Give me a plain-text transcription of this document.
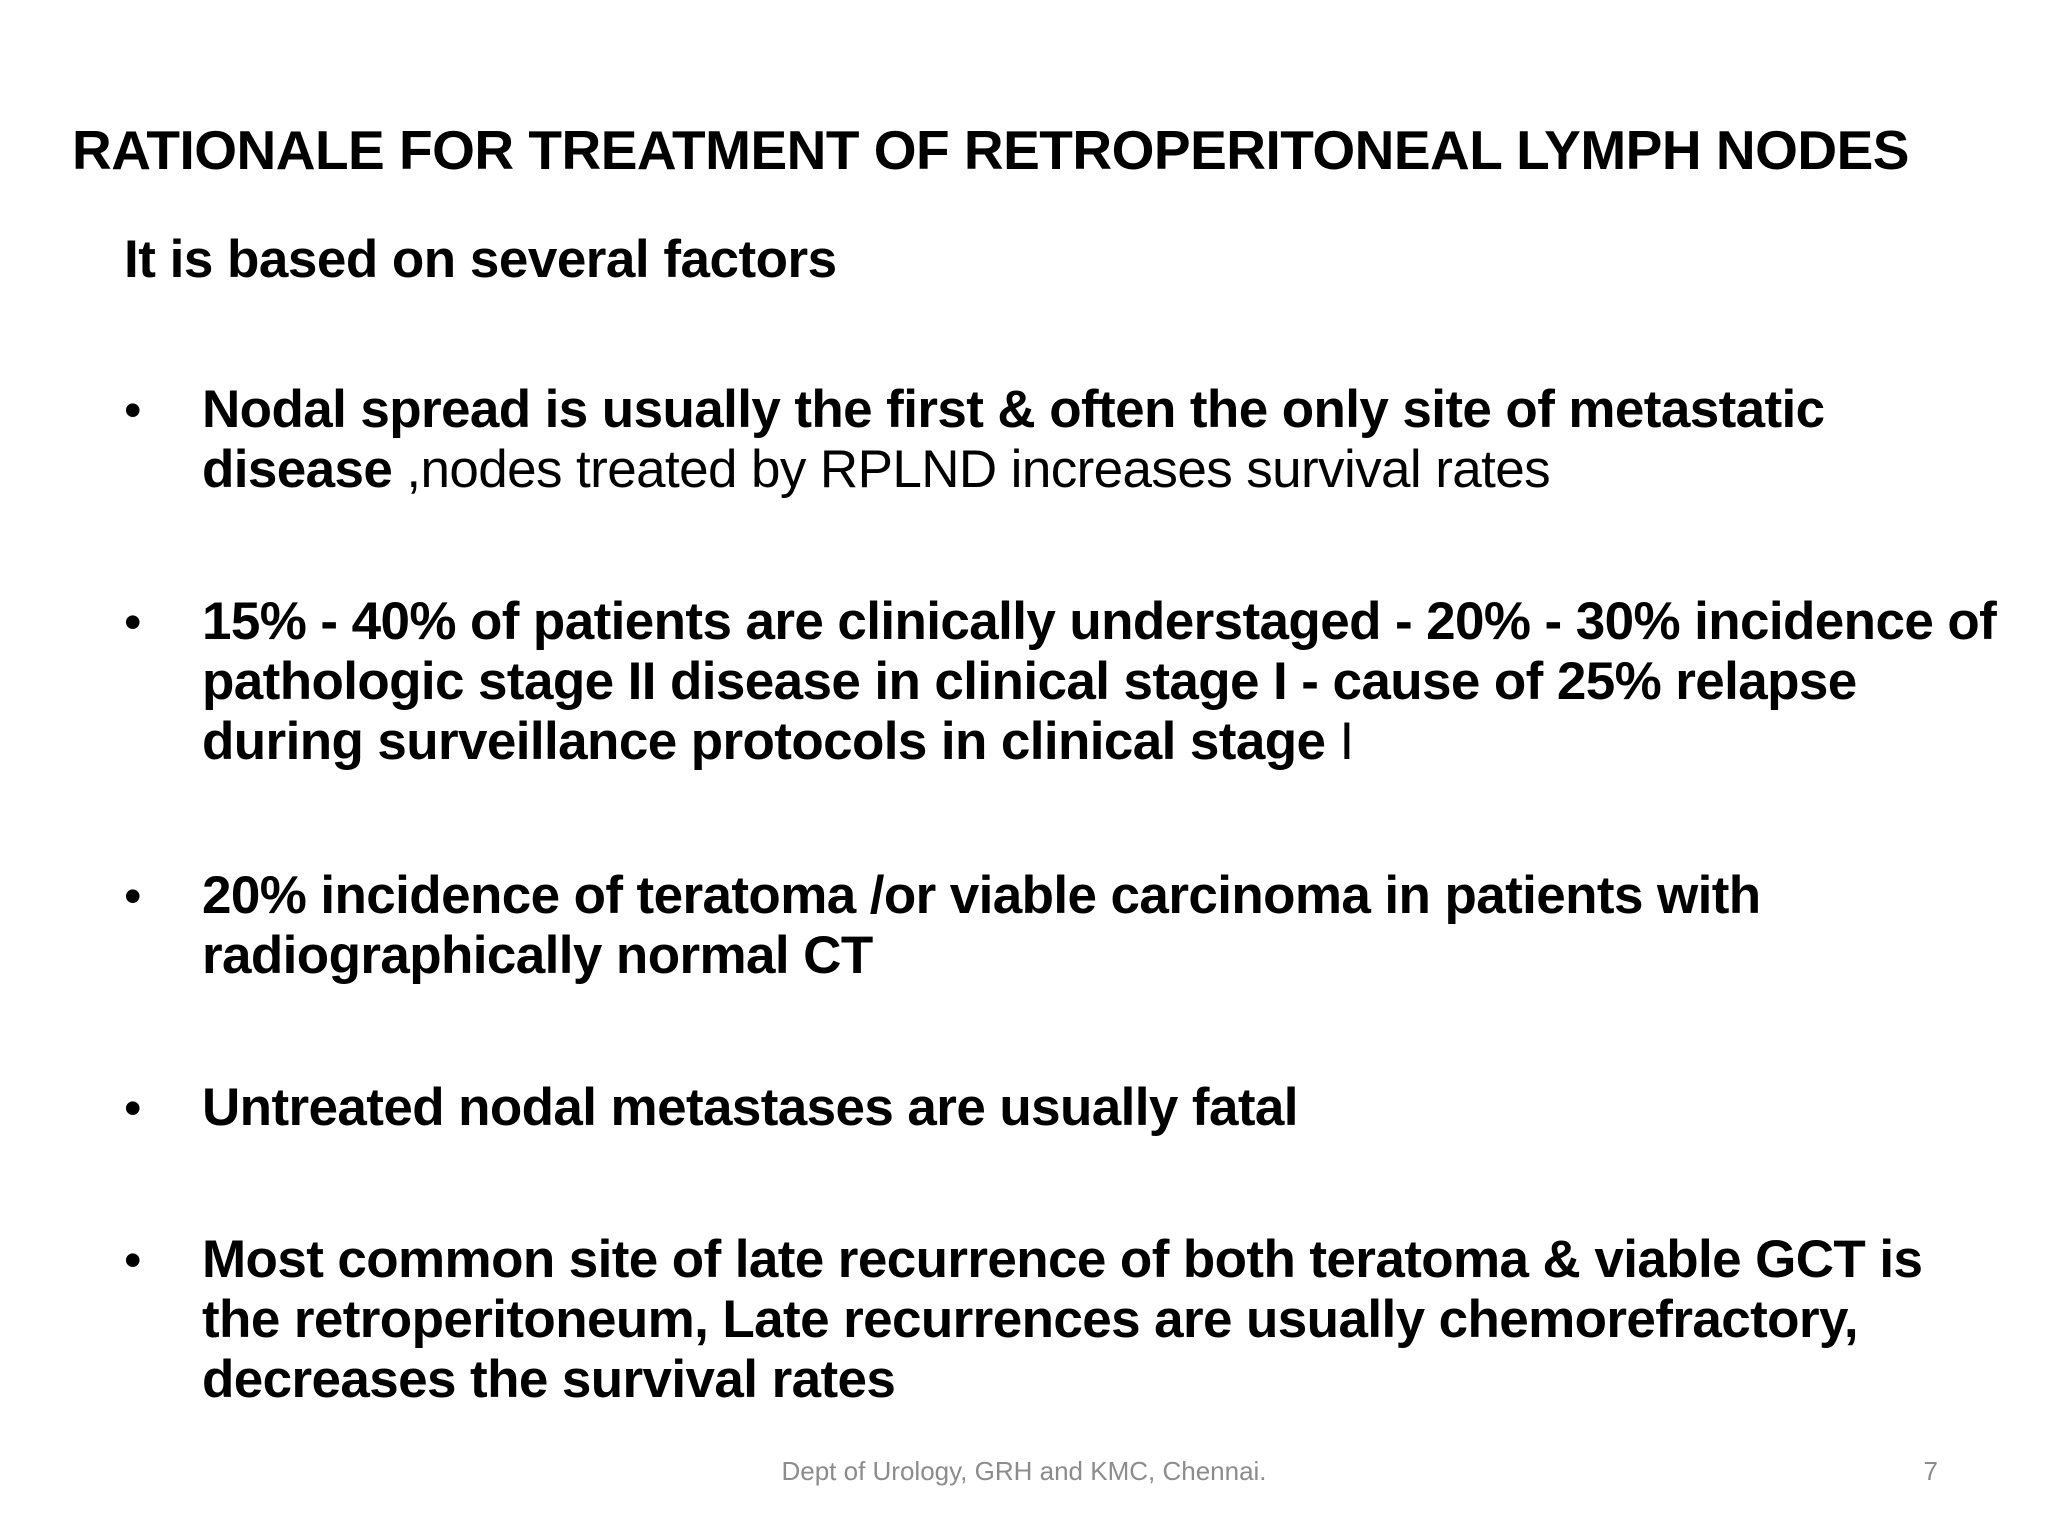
RATIONALE FOR TREATMENT OF RETROPERITONEAL LYMPH NODES

It is based on several factors

• Nodal spread is usually the first & often the only site of metastatic disease ,nodes treated by RPLND increases survival rates
• 15% - 40% of patients are clinically understaged - 20% - 30% incidence of pathologic stage II disease in clinical stage I - cause of 25% relapse during surveillance protocols in clinical stage I
• 20% incidence of teratoma /or viable carcinoma in patients with radiographically normal CT
• Untreated nodal metastases are usually fatal
• Most common site of late recurrence of both teratoma & viable GCT is the retroperitoneum, Late recurrences are usually chemorefractory, decreases the survival rates
Dept of Urology, GRH and KMC, Chennai.	7
